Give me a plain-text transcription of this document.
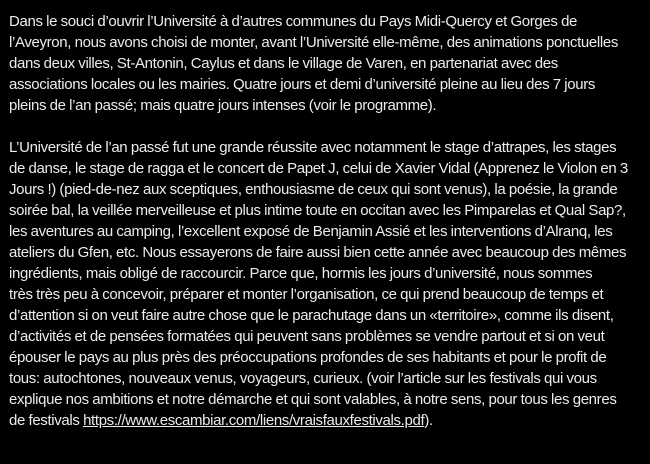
Dans le souci d’ouvrir l’Université à d’autres communes du Pays Midi-Quercy et Gorges de
l’Aveyron, nous avons choisi de monter, avant l’Université elle-même, des animations ponctuelles
dans deux villes, St-Antonin, Caylus et dans le village de Varen, en partenariat avec des
associations locales ou les mairies. Quatre jours et demi d’université pleine au lieu des 7 jours
pleins de l’an passé; mais quatre jours intenses (voir le programme).
L’Université de l’an passé fut une grande réussite avec notamment le stage d’attrapes, les stages
de danse, le stage de ragga et le concert de Papet J, celui de Xavier Vidal (Apprenez le Violon en 3
Jours !) (pied-de-nez aux sceptiques, enthousiasme de ceux qui sont venus), la poésie, la grande
soirée bal, la veillée merveilleuse et plus intime toute en occitan avec les Pimparelas et Qual Sap?,
les aventures au camping, l’excellent exposé de Benjamin Assié et les interventions d’Alranq, les
ateliers du Gfen, etc. Nous essayerons de faire aussi bien cette année avec beaucoup des mêmes
ingrédients, mais obligé de raccourcir. Parce que, hormis les jours d’université, nous sommes
très très peu à concevoir, préparer et monter l’organisation, ce qui prend beaucoup de temps et
d’attention si on veut faire autre chose que le parachutage dans un «territoire», comme ils disent,
d’activités et de pensées formatées qui peuvent sans problèmes se vendre partout et si on veut
épouser le pays au plus près des préoccupations profondes de ses habitants et pour le profit de
tous: autochtones, nouveaux venus, voyageurs, curieux. (voir l’article sur les festivals qui vous
explique nos ambitions et notre démarche et qui sont valables, à notre sens, pour tous les genres
de festivals https://www.escambiar.com/liens/vraisfauxfestivals.pdf).
